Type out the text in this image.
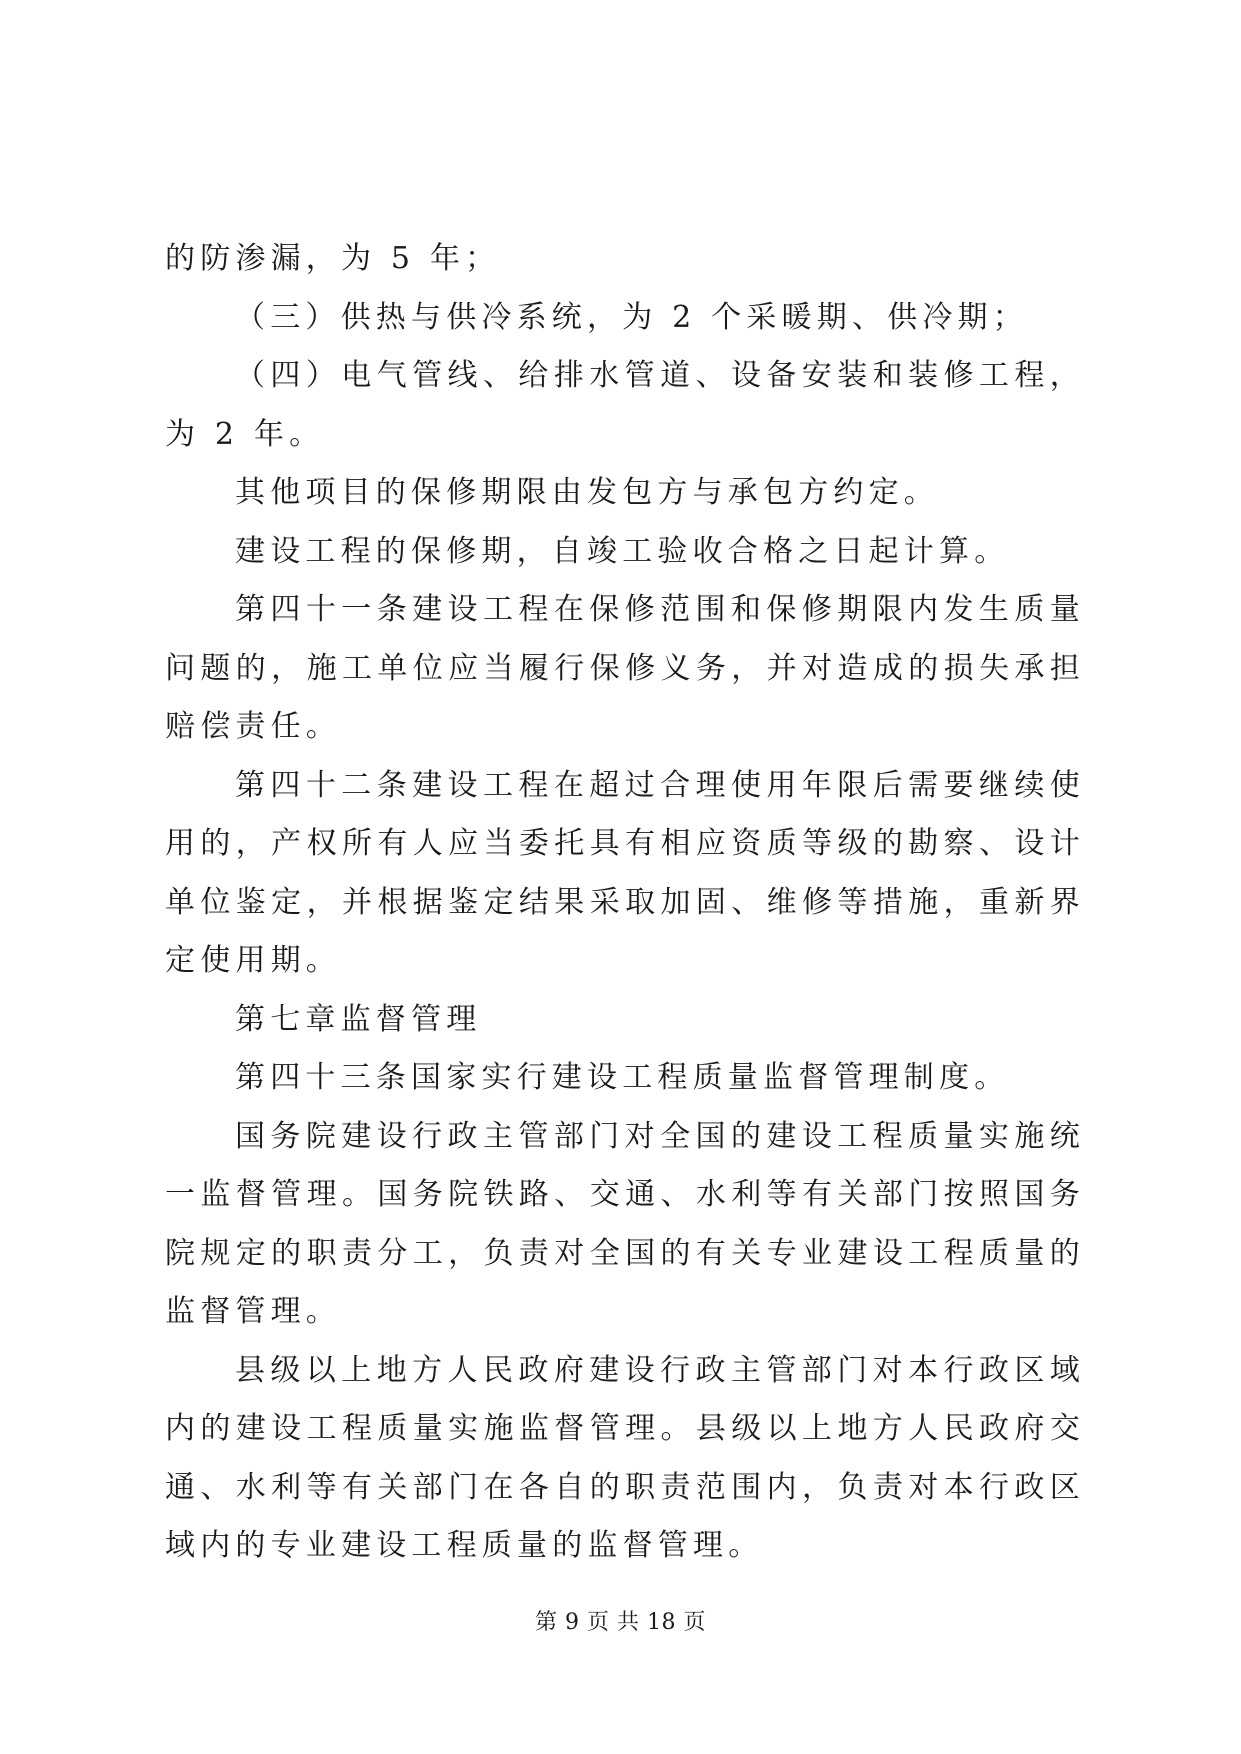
的防渗漏，为 5 年；

（三）供热与供冷系统，为 2 个采暖期、供冷期；

（四）电气管线、给排水管道、设备安装和装修工程，为 2 年。

其他项目的保修期限由发包方与承包方约定。

建设工程的保修期，自竣工验收合格之日起计算。

第四十一条建设工程在保修范围和保修期限内发生质量问题的，施工单位应当履行保修义务，并对造成的损失承担赔偿责任。

第四十二条建设工程在超过合理使用年限后需要继续使用的，产权所有人应当委托具有相应资质等级的勘察、设计单位鉴定，并根据鉴定结果采取加固、维修等措施，重新界定使用期。

第七章监督管理

第四十三条国家实行建设工程质量监督管理制度。

国务院建设行政主管部门对全国的建设工程质量实施统一监督管理。国务院铁路、交通、水利等有关部门按照国务院规定的职责分工，负责对全国的有关专业建设工程质量的监督管理。

县级以上地方人民政府建设行政主管部门对本行政区域内的建设工程质量实施监督管理。县级以上地方人民政府交通、水利等有关部门在各自的职责范围内，负责对本行政区域内的专业建设工程质量的监督管理。

第 9 页 共 18 页
